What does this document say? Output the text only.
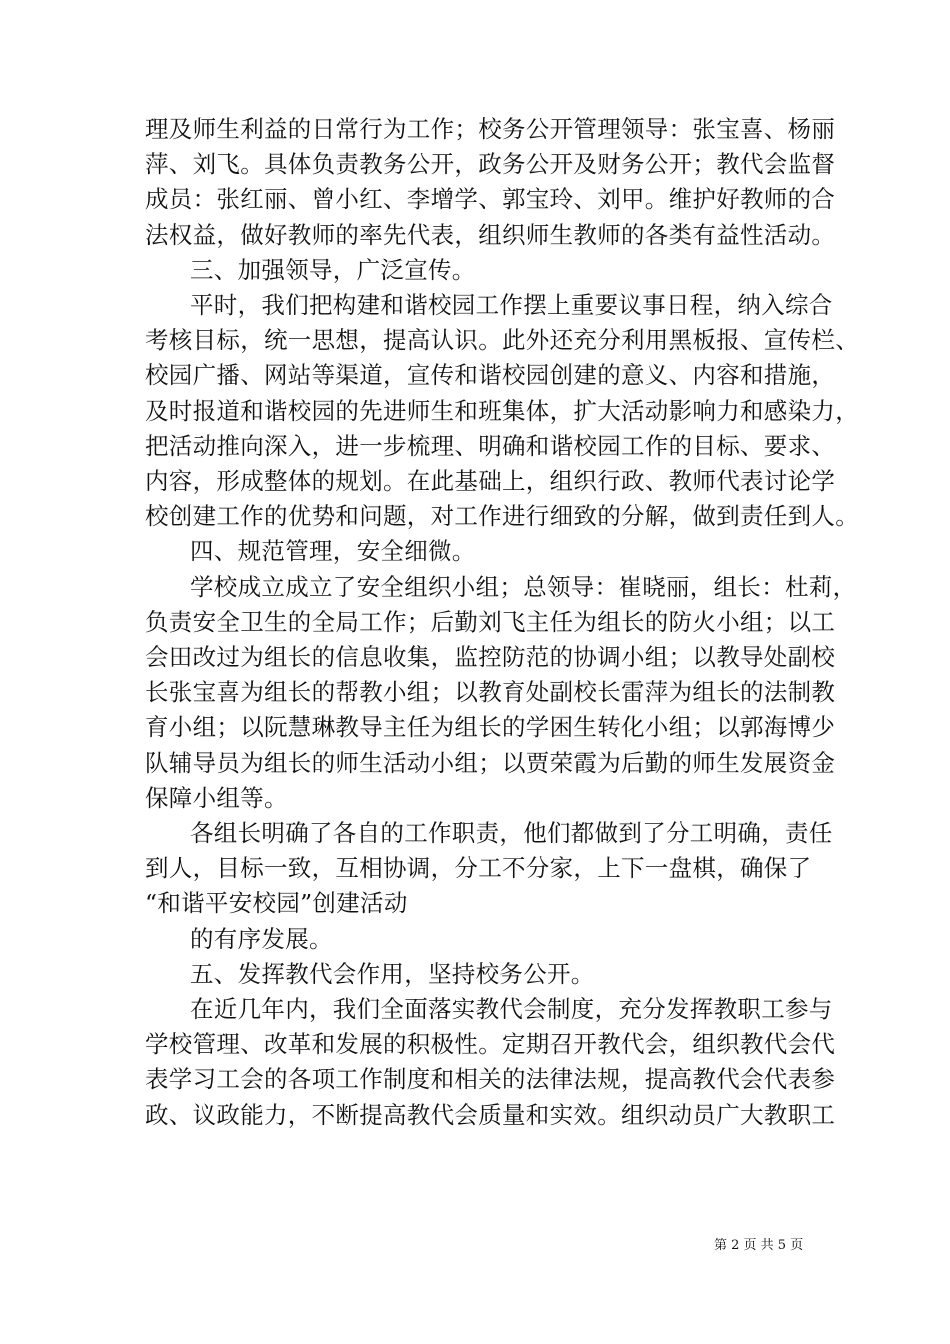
理及师生利益的日常行为工作；校务公开管理领导：张宝喜、杨丽
萍、刘飞。具体负责教务公开，政务公开及财务公开；教代会监督
成员：张红丽、曾小红、李增学、郭宝玲、刘甲。维护好教师的合
法权益，做好教师的率先代表，组织师生教师的各类有益性活动。
三、加强领导，广泛宣传。
平时，我们把构建和谐校园工作摆上重要议事日程，纳入综合
考核目标，统一思想，提高认识。此外还充分利用黑板报、宣传栏、
校园广播、网站等渠道，宣传和谐校园创建的意义、内容和措施，
及时报道和谐校园的先进师生和班集体，扩大活动影响力和感染力，
把活动推向深入，进一步梳理、明确和谐校园工作的目标、要求、
内容，形成整体的规划。在此基础上，组织行政、教师代表讨论学
校创建工作的优势和问题，对工作进行细致的分解，做到责任到人。
四、规范管理，安全细微。
学校成立成立了安全组织小组；总领导：崔晓丽，组长：杜莉，
负责安全卫生的全局工作；后勤刘飞主任为组长的防火小组；以工
会田改过为组长的信息收集，监控防范的协调小组；以教导处副校
长张宝喜为组长的帮教小组；以教育处副校长雷萍为组长的法制教
育小组；以阮慧琳教导主任为组长的学困生转化小组；以郭海博少
队辅导员为组长的师生活动小组；以贾荣霞为后勤的师生发展资金
保障小组等。
各组长明确了各自的工作职责，他们都做到了分工明确，责任
到人，目标一致，互相协调，分工不分家，上下一盘棋，确保了
“和谐平安校园”创建活动
的有序发展。
五、发挥教代会作用，坚持校务公开。
在近几年内，我们全面落实教代会制度，充分发挥教职工参与
学校管理、改革和发展的积极性。定期召开教代会，组织教代会代
表学习工会的各项工作制度和相关的法律法规，提高教代会代表参
政、议政能力，不断提高教代会质量和实效。组织动员广大教职工
第 2 页 共 5 页
